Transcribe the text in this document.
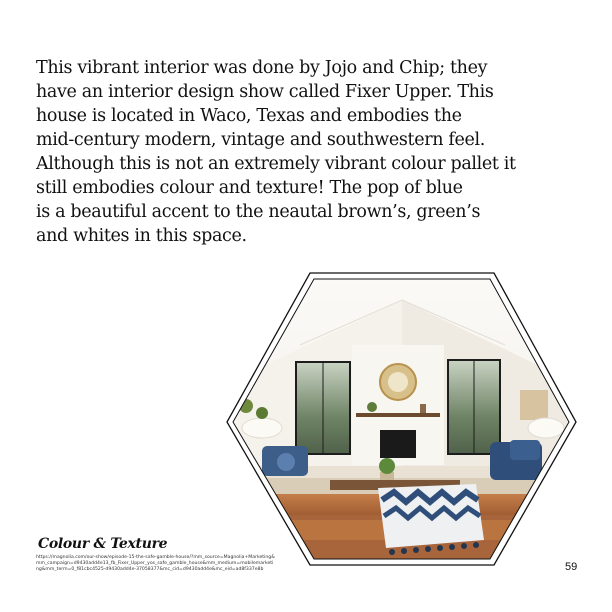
This vibrant interior was done by Jojo and Chip; they
have an interior design show called Fixer Upper. This
house is located in Waco, Texas and embodies the
mid-century modern, vintage and southwestern feel.
Although this is not an extremely vibrant colour pallet it
still embodies colour and texture! The pop of blue
is a beautiful accent to the neautal brown’s, green’s
and whites in this space.

Colour & Texture
https://magnolia.com/our-show/episode-15-the-safe-gamble-house/?mm_source=Magnolia+Marketing&mm_campaign=d9430add4e13_fb_Fixer_Upper_yos_safe_gamble_house&mm_medium=mobilemarketing&mm_term=0_f81cbc4525-d9430add4e-37058377&mc_cid=d9430add4e&mc_eid=ad8f337e8b	59
